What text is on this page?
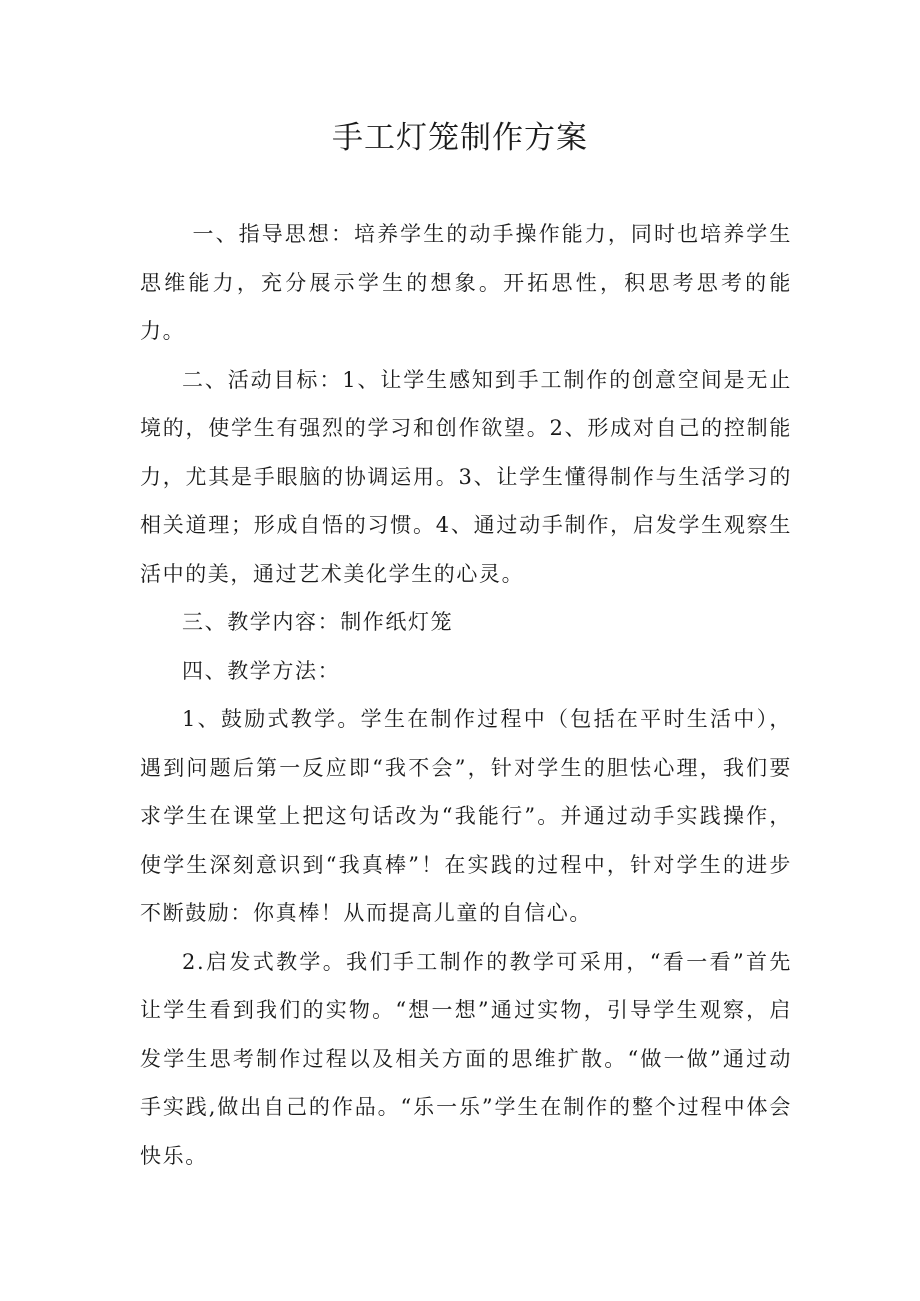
手工灯笼制作方案

一、指导思想：培养学生的动手操作能力，同时也培养学生思维能力，充分展示学生的想象。开拓思性，积思考思考的能力。

二、活动目标：1、让学生感知到手工制作的创意空间是无止境的，使学生有强烈的学习和创作欲望。2、形成对自己的控制能力，尤其是手眼脑的协调运用。3、让学生懂得制作与生活学习的相关道理；形成自悟的习惯。4、通过动手制作，启发学生观察生活中的美，通过艺术美化学生的心灵。

三、教学内容：制作纸灯笼

四、教学方法：

1、鼓励式教学。学生在制作过程中（包括在平时生活中），遇到问题后第一反应即“我不会”，针对学生的胆怯心理，我们要求学生在课堂上把这句话改为“我能行”。并通过动手实践操作，使学生深刻意识到“我真棒”！在实践的过程中，针对学生的进步不断鼓励：你真棒！从而提高儿童的自信心。

2.启发式教学。我们手工制作的教学可采用，“看一看”首先让学生看到我们的实物。“想一想”通过实物，引导学生观察，启发学生思考制作过程以及相关方面的思维扩散。“做一做”通过动手实践,做出自己的作品。“乐一乐”学生在制作的整个过程中体会快乐。
